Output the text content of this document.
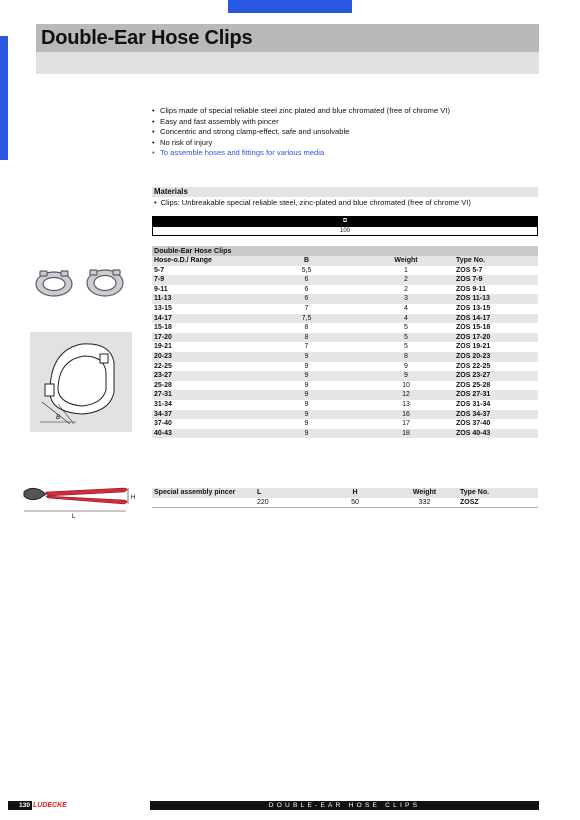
Double-Ear Hose Clips
• Clips made of special reliable steel zinc plated and blue chromated (free of chrome VI)
• Easy and fast assembly with pincer
• Concentric and strong clamp-effect, safe and unsolvable
• No risk of injury
• To assemble hoses and fittings for various media
Materials
• Clips: Unbreakable special reliable steel, zinc-plated and blue chromated (free of chrome VI)
⧉
100
B
H
L
Double-Ear Hose Clips
Hose-o.D./ Range	B	Weight	Type No.
5-7	5,5	1	ZOS 5-7
7-9	6	2	ZOS 7-9
9-11	6	2	ZOS 9-11
11-13	6	3	ZOS 11-13
13-15	7	4	ZOS 13-15
14-17	7,5	4	ZOS 14-17
15-18	8	5	ZOS 15-18
17-20	8	5	ZOS 17-20
19-21	7	5	ZOS 19-21
20-23	9	8	ZOS 20-23
22-25	9	9	ZOS 22-25
23-27	9	9	ZOS 23-27
25-28	9	10	ZOS 25-28
27-31	9	12	ZOS 27-31
31-34	9	13	ZOS 31-34
34-37	9	16	ZOS 34-37
37-40	9	17	ZOS 37-40
40-43	9	18	ZOS 40-43
Special assembly pincer	L	H	Weight	Type No.
	220	50	332	ZOSZ
130 LUDECKE	DOUBLE-EAR HOSE CLIPS
